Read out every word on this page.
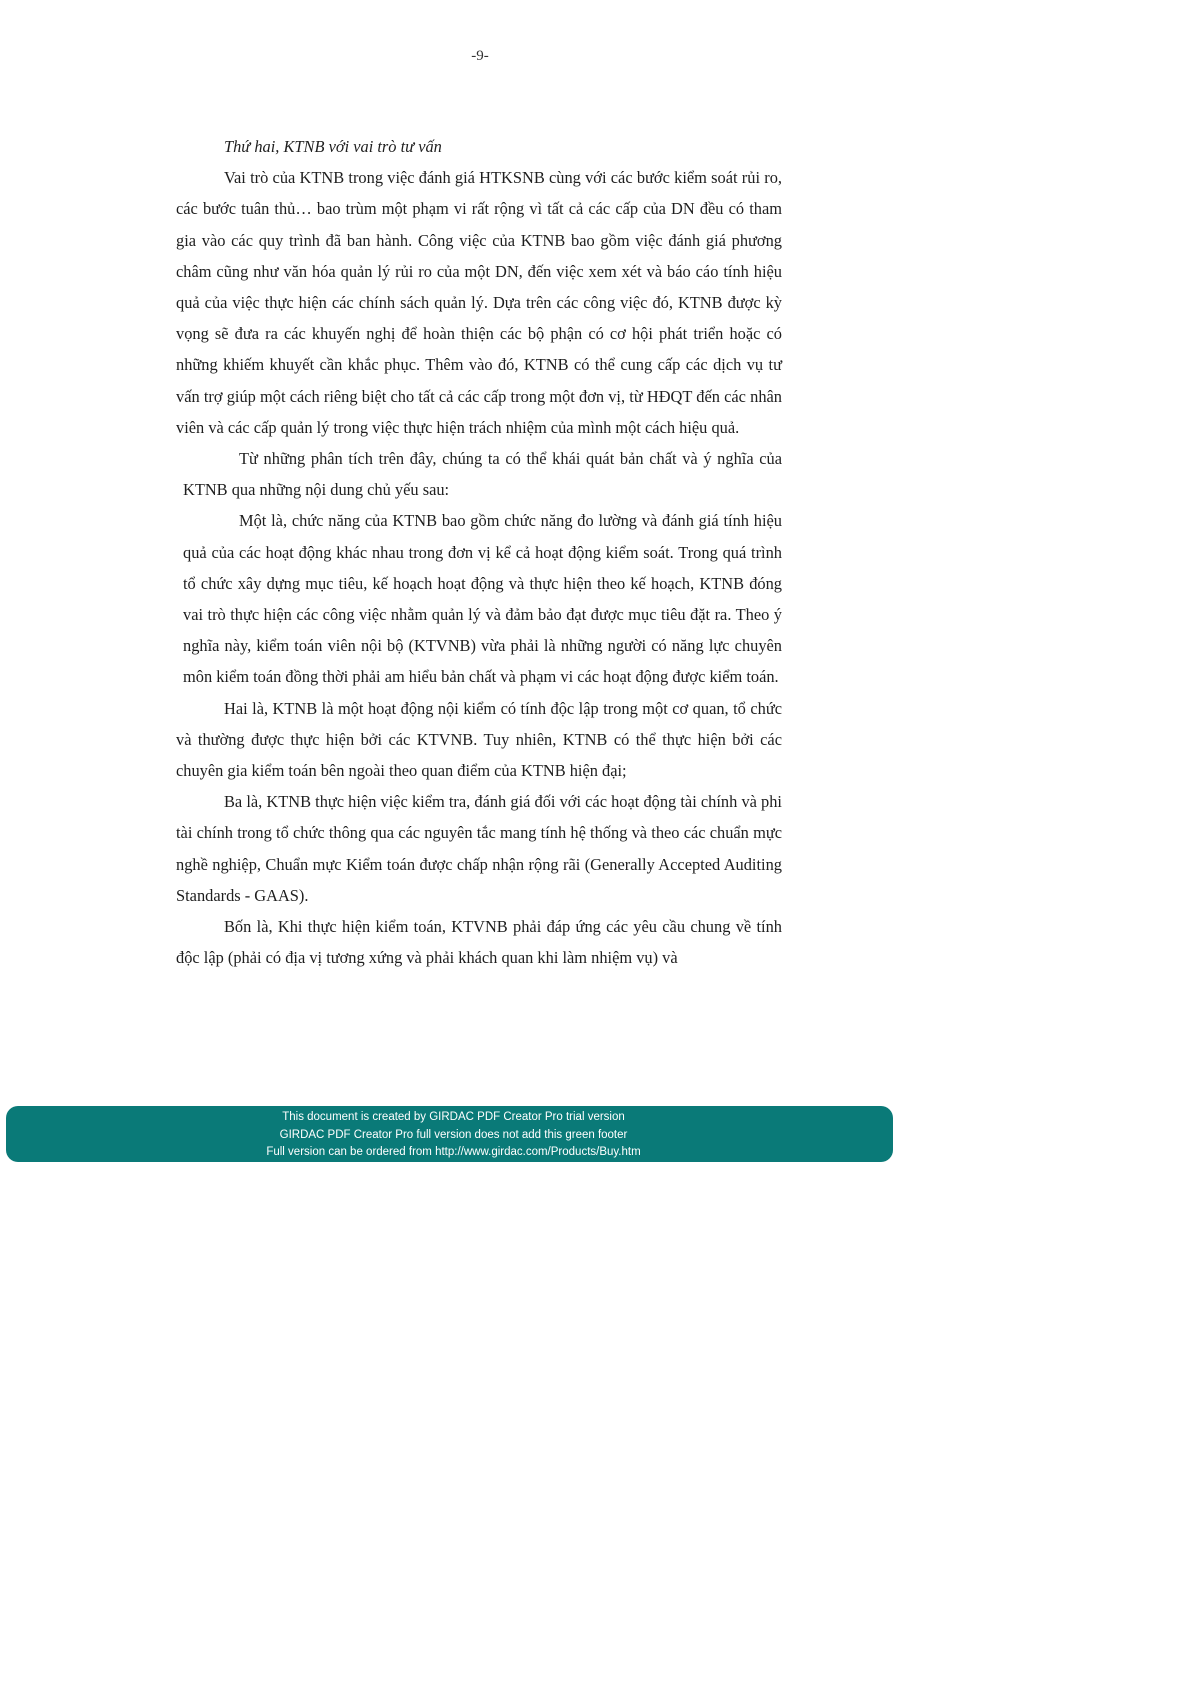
-9-

Thứ hai, KTNB với vai trò tư vấn

Vai trò của KTNB trong việc đánh giá HTKSNB cùng với các bước kiểm soát rủi ro, các bước tuân thủ… bao trùm một phạm vi rất rộng vì tất cả các cấp của DN đều có tham gia vào các quy trình đã ban hành. Công việc của KTNB bao gồm việc đánh giá phương châm cũng như văn hóa quản lý rủi ro của một DN, đến việc xem xét và báo cáo tính hiệu quả của việc thực hiện các chính sách quản lý. Dựa trên các công việc đó, KTNB được kỳ vọng sẽ đưa ra các khuyến nghị để hoàn thiện các bộ phận có cơ hội phát triển hoặc có những khiếm khuyết cần khắc phục. Thêm vào đó, KTNB có thể cung cấp các dịch vụ tư vấn trợ giúp một cách riêng biệt cho tất cả các cấp trong một đơn vị, từ HĐQT đến các nhân viên và các cấp quản lý trong việc thực hiện trách nhiệm của mình một cách hiệu quả.

Từ những phân tích trên đây, chúng ta có thể khái quát bản chất và ý nghĩa của KTNB qua những nội dung chủ yếu sau:

Một là, chức năng của KTNB bao gồm chức năng đo lường và đánh giá tính hiệu quả của các hoạt động khác nhau trong đơn vị kể cả hoạt động kiểm soát. Trong quá trình tổ chức xây dựng mục tiêu, kế hoạch hoạt động và thực hiện theo kế hoạch, KTNB đóng vai trò thực hiện các công việc nhằm quản lý và đảm bảo đạt được mục tiêu đặt ra. Theo ý nghĩa này, kiểm toán viên nội bộ (KTVNB) vừa phải là những người có năng lực chuyên môn kiểm toán đồng thời phải am hiểu bản chất và phạm vi các hoạt động được kiểm toán.

Hai là, KTNB là một hoạt động nội kiểm có tính độc lập trong một cơ quan, tổ chức và thường được thực hiện bởi các KTVNB. Tuy nhiên, KTNB có thể thực hiện bởi các chuyên gia kiểm toán bên ngoài theo quan điểm của KTNB hiện đại;

Ba là, KTNB thực hiện việc kiểm tra, đánh giá đối với các hoạt động tài chính và phi tài chính trong tổ chức thông qua các nguyên tắc mang tính hệ thống và theo các chuẩn mực nghề nghiệp, Chuẩn mực Kiểm toán được chấp nhận rộng rãi (Generally Accepted Auditing Standards - GAAS).

Bốn là, Khi thực hiện kiểm toán, KTVNB phải đáp ứng các yêu cầu chung về tính độc lập (phải có địa vị tương xứng và phải khách quan khi làm nhiệm vụ) và

This document is created by GIRDAC PDF Creator Pro trial version
GIRDAC PDF Creator Pro full version does not add this green footer
Full version can be ordered from http://www.girdac.com/Products/Buy.htm
